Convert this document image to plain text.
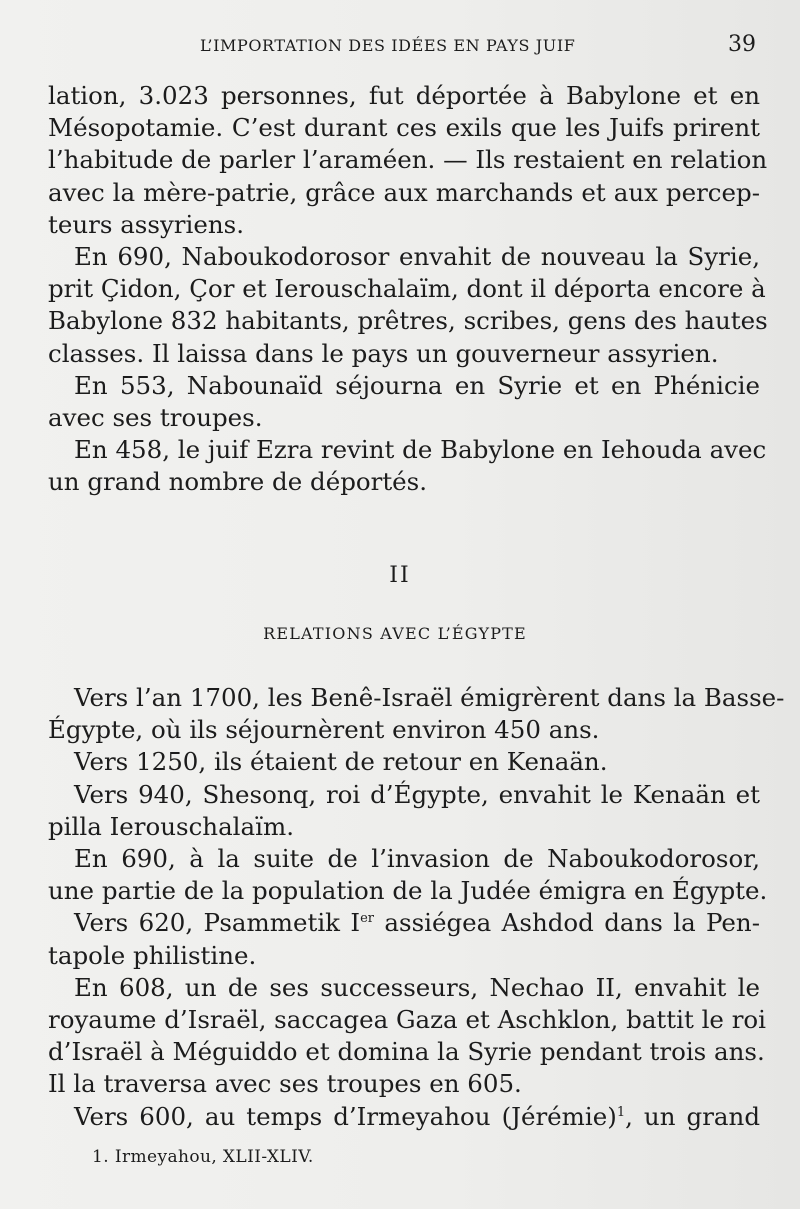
L’IMPORTATION DES IDÉES EN PAYS JUIF	39

lation, 3.023 personnes, fut déportée à Babylone et en
Mésopotamie. C’est durant ces exils que les Juifs prirent
l’habitude de parler l’araméen. — Ils restaient en relation
avec la mère-patrie, grâce aux marchands et aux percep-
teurs assyriens.

En 690, Naboukodorosor envahit de nouveau la Syrie,
prit Çidon, Çor et Ierouschalaïm, dont il déporta encore à
Babylone 832 habitants, prêtres, scribes, gens des hautes
classes. Il laissa dans le pays un gouverneur assyrien.

En 553, Nabounaïd séjourna en Syrie et en Phénicie
avec ses troupes.

En 458, le juif Ezra revint de Babylone en Iehouda avec
un grand nombre de déportés.

II
RELATIONS AVEC L’ÉGYPTE

Vers l’an 1700, les Benê-Israël émigrèrent dans la Basse-
Égypte, où ils séjournèrent environ 450 ans.

Vers 1250, ils étaient de retour en Kenaän.

Vers 940, Shesonq, roi d’Égypte, envahit le Kenaän et
pilla Ierouschalaïm.

En 690, à la suite de l’invasion de Naboukodorosor,
une partie de la population de la Judée émigra en Égypte.

Vers 620, Psammetik Ier assiégea Ashdod dans la Pen-
tapole philistine.

En 608, un de ses successeurs, Nechao II, envahit le
royaume d’Israël, saccagea Gaza et Aschklon, battit le roi
d’Israël à Méguiddo et domina la Syrie pendant trois ans.
Il la traversa avec ses troupes en 605.

Vers 600, au temps d’Irmeyahou (Jérémie)$^1$, un grand

1. Irmeyahou, XLII-XLIV.
